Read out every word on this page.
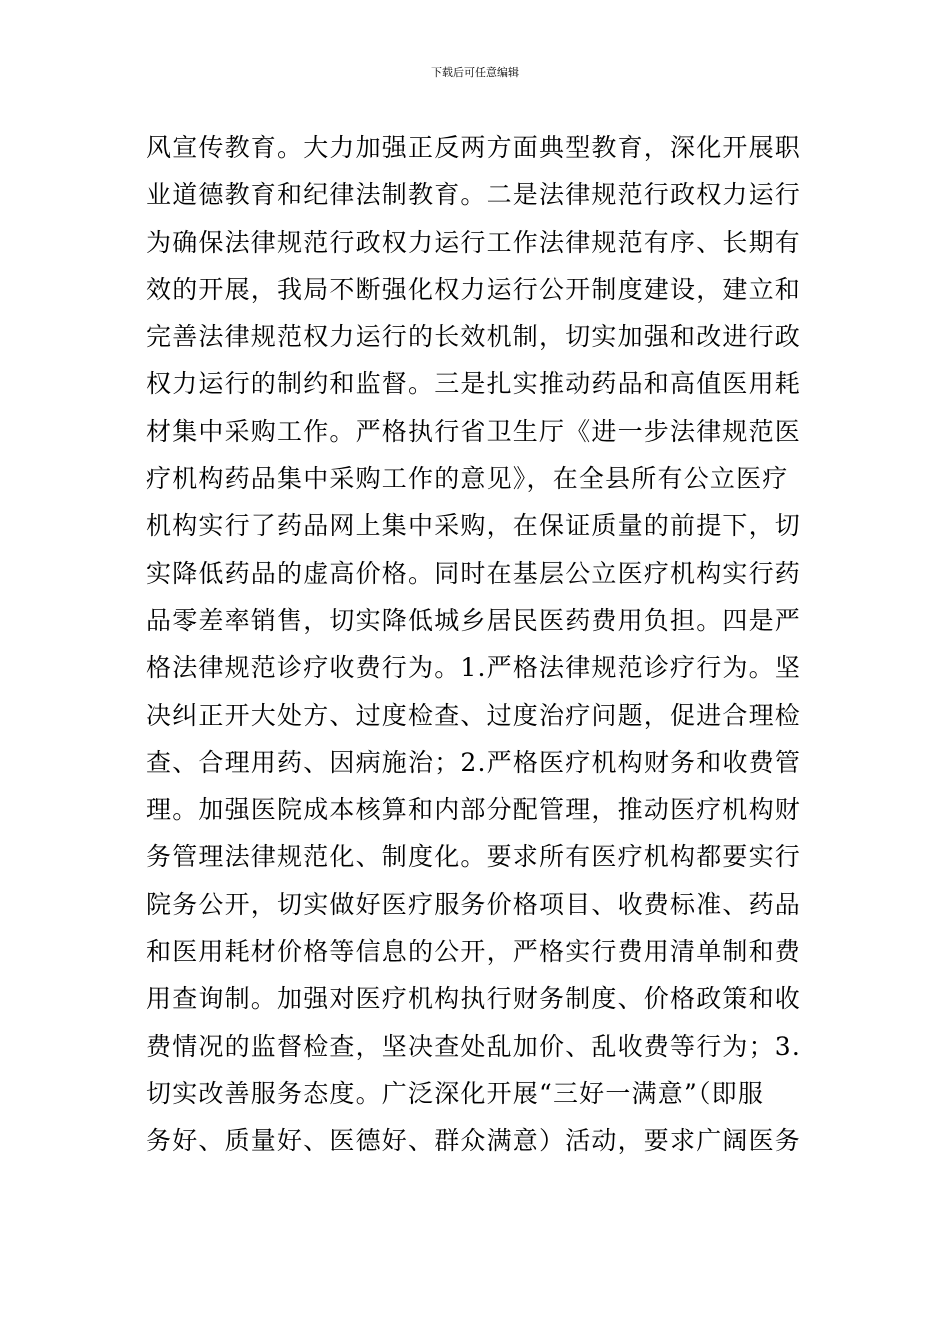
下载后可任意编辑
风宣传教育。大力加强正反两方面典型教育，深化开展职
业道德教育和纪律法制教育。二是法律规范行政权力运行
为确保法律规范行政权力运行工作法律规范有序、长期有
效的开展，我局不断强化权力运行公开制度建设，建立和
完善法律规范权力运行的长效机制，切实加强和改进行政
权力运行的制约和监督。三是扎实推动药品和高值医用耗
材集中采购工作。严格执行省卫生厅《进一步法律规范医
疗机构药品集中采购工作的意见》，在全县所有公立医疗
机构实行了药品网上集中采购，在保证质量的前提下，切
实降低药品的虚高价格。同时在基层公立医疗机构实行药
品零差率销售，切实降低城乡居民医药费用负担。四是严
格法律规范诊疗收费行为。1.严格法律规范诊疗行为。坚
决纠正开大处方、过度检查、过度治疗问题，促进合理检
查、合理用药、因病施治；2.严格医疗机构财务和收费管
理。加强医院成本核算和内部分配管理，推动医疗机构财
务管理法律规范化、制度化。要求所有医疗机构都要实行
院务公开，切实做好医疗服务价格项目、收费标准、药品
和医用耗材价格等信息的公开，严格实行费用清单制和费
用查询制。加强对医疗机构执行财务制度、价格政策和收
费情况的监督检查，坚决查处乱加价、乱收费等行为；3.
切实改善服务态度。广泛深化开展“三好一满意”（即服
务好、质量好、医德好、群众满意）活动，要求广阔医务
